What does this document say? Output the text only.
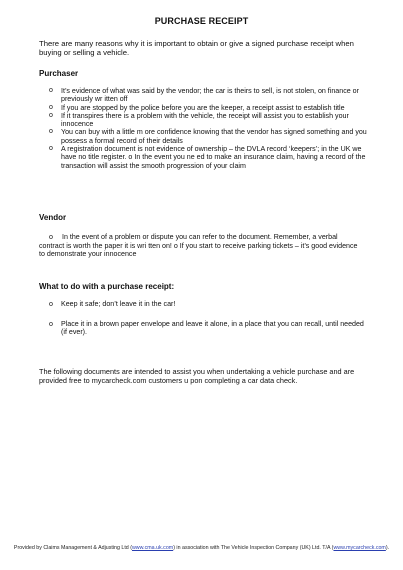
PURCHASE RECEIPT
There are many reasons why it is important to obtain or give a signed purchase receipt when buying or selling a vehicle.
Purchaser
o It’s evidence of what was said by the vendor; the car is theirs to sell, is not stolen, on finance or previously wr itten off
o If you are stopped by the police before you are the keeper, a receipt assist to establish title
o If it transpires there is a problem with the vehicle, the receipt will assist you to establish your innocence
o You can buy with a little m ore confidence knowing that the vendor has signed something and you possess a formal record of their details
o A registration document is not evidence of ownership – the DVLA record ‘keepers’; in the UK we have no title register. o In the event you ne ed to make an insurance claim, having a record of the transaction will assist the smooth progression of your claim
Vendor
o In the event of a problem or dispute you can refer to the document. Remember, a verbal contract is worth the paper it is wri tten on! o If you start to receive parking tickets – it’s good evidence to demonstrate your innocence
What to do with a purchase receipt:
o	Keep it safe; don’t leave it in the car!
o	Place it in a brown paper envelope and leave it alone, in a place that you can recall, until needed (if ever).
The following documents are intended to assist you when undertaking a vehicle purchase and are provided free to mycarcheck.com customers u pon completing a car data check.
Provided by Claims Management & Adjusting Ltd (www.cma.uk.com) in association with The Vehicle Inspection Company (UK) Ltd. T/A (www.mycarcheck.com).
